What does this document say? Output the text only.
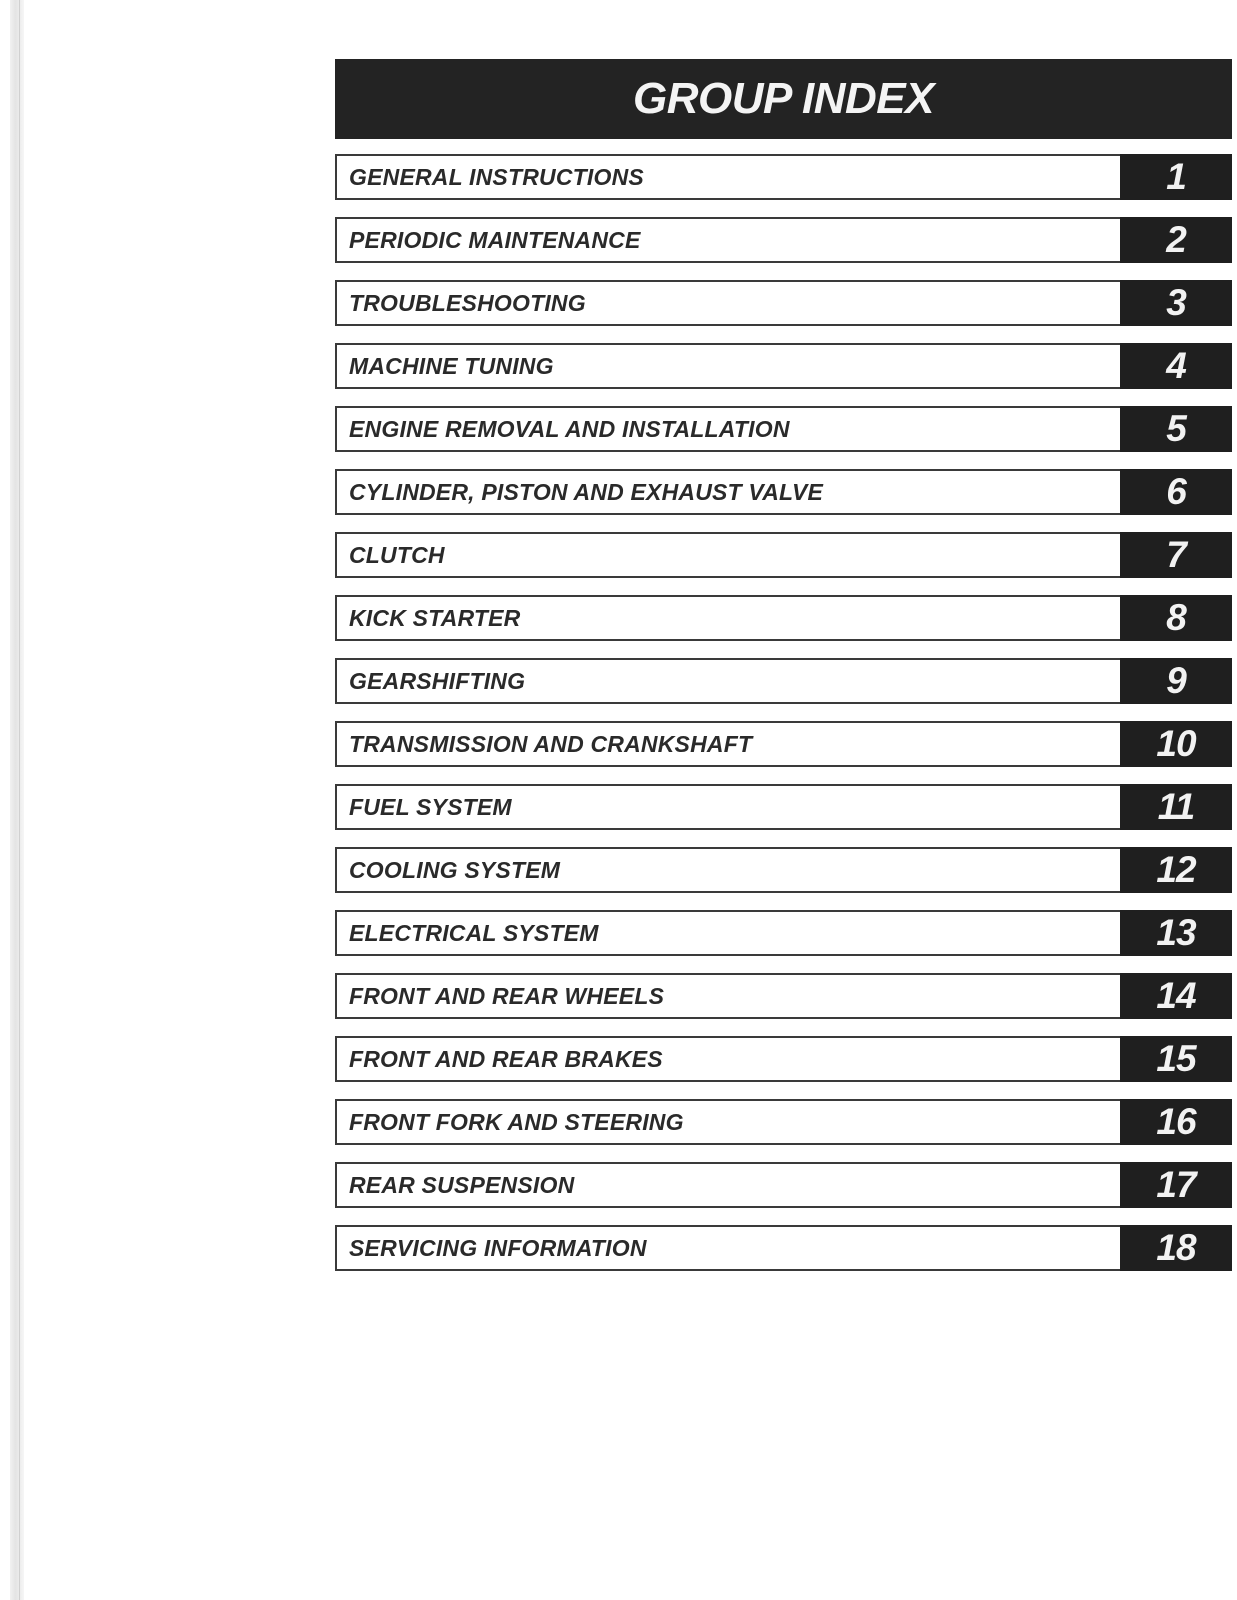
GROUP INDEX
GENERAL INSTRUCTIONS	1
PERIODIC MAINTENANCE	2
TROUBLESHOOTING	3
MACHINE TUNING	4
ENGINE REMOVAL AND INSTALLATION	5
CYLINDER, PISTON AND EXHAUST VALVE	6
CLUTCH	7
KICK STARTER	8
GEARSHIFTING	9
TRANSMISSION AND CRANKSHAFT	10
FUEL SYSTEM	11
COOLING SYSTEM	12
ELECTRICAL SYSTEM	13
FRONT AND REAR WHEELS	14
FRONT AND REAR BRAKES	15
FRONT FORK AND STEERING	16
REAR SUSPENSION	17
SERVICING INFORMATION	18
